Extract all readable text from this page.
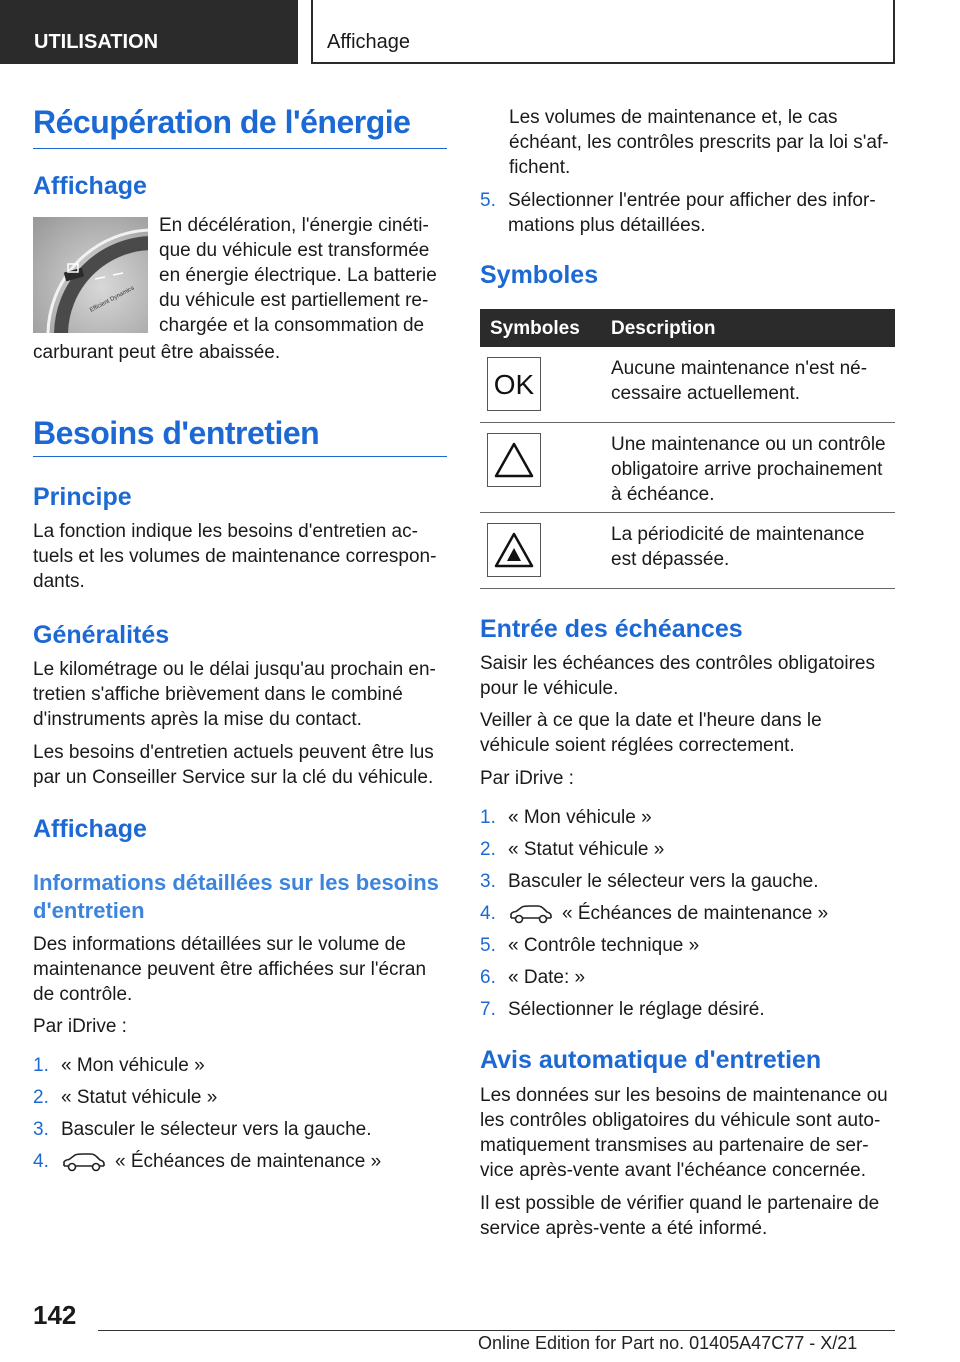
UTILISATION	Affichage
Récupération de l'énergie
Affichage
Efficient Dynamics
En décélération, l'énergie cinéti-
que du véhicule est transformée
en énergie électrique. La batterie
du véhicule est partiellement re-
chargée et la consommation de
carburant peut être abaissée.
Besoins d'entretien
Principe

La fonction indique les besoins d'entretien ac-tuels et les volumes de maintenance correspon-dants.

Généralités

Le kilométrage ou le délai jusqu'au prochain en-tretien s'affiche brièvement dans le combiné d'instruments après la mise du contact.

Les besoins d'entretien actuels peuvent être lus par un Conseiller Service sur la clé du véhicule.

Affichage
Informations détaillées sur les besoins d'entretien

Des informations détaillées sur le volume de maintenance peuvent être affichées sur l'écran de contrôle.

Par iDrive :
1. « Mon véhicule »
2. « Statut véhicule »
3. Basculer le sélecteur vers la gauche.
4.	« Échéances de maintenance »

Les volumes de maintenance et, le cas échéant, les contrôles prescrits par la loi s'af-fichent.

5. Sélectionner l'entrée pour afficher des infor-mations plus détaillées.
Symboles
Symboles Description
OK
Aucune maintenance n'est né-cessaire actuellement.
Une maintenance ou un contrôle obligatoire arrive prochainement à échéance.
La périodicité de maintenance est dépassée.
Entrée des échéances

Saisir les échéances des contrôles obligatoires pour le véhicule.

Veiller à ce que la date et l'heure dans le véhicule soient réglées correctement.

Par iDrive :
1. « Mon véhicule »
2. « Statut véhicule »
3. Basculer le sélecteur vers la gauche.
4.	« Échéances de maintenance »
5. « Contrôle technique »
6. « Date: »
7. Sélectionner le réglage désiré.
Avis automatique d'entretien

Les données sur les besoins de maintenance ou les contrôles obligatoires du véhicule sont auto-matiquement transmises au partenaire de ser-vice après-vente avant l'échéance concernée.

Il est possible de vérifier quand le partenaire de service après-vente a été informé.

142
Online Edition for Part no. 01405A47C77 - X/21
